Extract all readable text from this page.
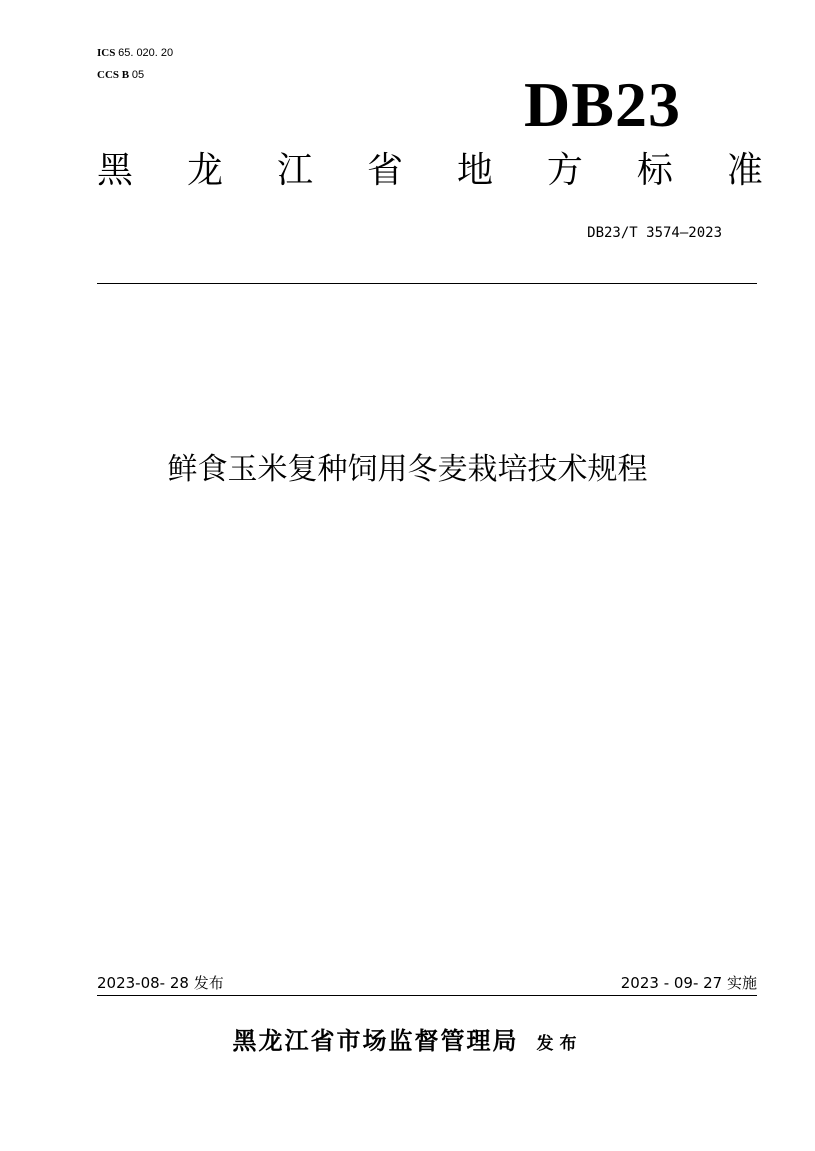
ICS 65. 020. 20
CCS B 05	DB23
黑 龙 江 省 地 方 标 准
DB23/T 3574—2023
鲜食玉米复种饲用冬麦栽培技术规程
2023-08- 28 发布	2023 - 09- 27 实施
黑龙江省市场监督管理局 发布
